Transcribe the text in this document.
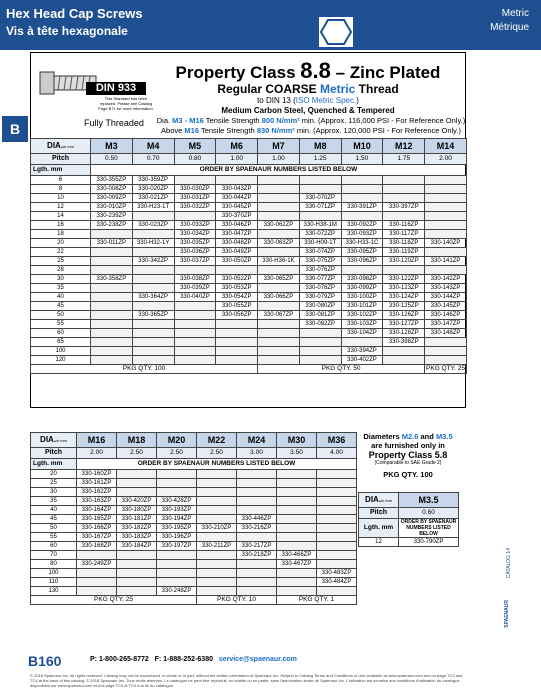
Hex Head Cap Screws
Vis à tête hexagonale
Metric
Métrique
B
DIN 933
This Standard has been replaced. Please see Catalog Page B71 for more information.
Fully Threaded
Property Class 8.8 – Zinc Plated
Regular COARSE Metric Thread
to DIN 13 (ISO Metric Spec.)
Medium Carbon Steel, Quenched & Tempered
Dia. M3 - M16 Tensile Strength 800 N/mm² min. (Approx. 116,000 PSI - For Reference Only.)
Above M16 Tensile Strength 830 N/mm² min. (Approx. 120,000 PSI - For Reference Only.)
DIA.in mm	M3	M4	M5	M6	M7	M8	M10	M12	M14
Pitch	0.50	0.70	0.80	1.00	1.00	1.25	1.50	1.75	2.00
Lgth. mm	ORDER BY SPAENAUR NUMBERS LISTED BELOW								
6	330-355ZP	330-359ZP							
8	330-008ZP	330-020ZP	330-030ZP	330-043ZP					
10	330-009ZP	330-021ZP	330-031ZP	330-044ZP		330-070ZP			
12	330-010ZP	330-H23-1T	330-032ZP	330-045ZP		330-071ZP	330-391ZP	330-397ZP	
14	330-239ZP			330-370ZP					
16	330-238ZP	330-023ZP	330-033ZP	330-046ZP	330-062ZP	330-H38-1M	330-092ZP	330-116ZP	
18			330-034ZP	330-047ZP		330-072ZP	330-093ZP	330-117ZP	
20	330-011ZP	330-H32-1Y	330-035ZP	330-048ZP	330-063ZP	330-H09-1T	330-H33-1C	330-118ZP	330-140ZP
22			330-036ZP	330-049ZP		330-074ZP	330-095ZP	330-119ZP	
25		330-342ZP	330-037ZP	330-050ZP	330-H36-1K	330-075ZP	330-096ZP	330-120ZP	330-141ZP
28						330-076ZP			
30	330-358ZP		330-038ZP	330-052ZP	330-065ZP	330-077ZP	330-098ZP	330-122ZP	330-142ZP
35			330-039ZP	330-053ZP		330-078ZP	330-099ZP	330-123ZP	330-143ZP
40		330-364ZP	330-040ZP	330-054ZP	330-066ZP	330-079ZP	330-100ZP	330-124ZP	330-144ZP
45				330-055ZP		330-080ZP	330-101ZP	330-125ZP	330-145ZP
50		330-365ZP		330-056ZP	330-067ZP	330-081ZP	330-102ZP	330-126ZP	330-146ZP
55						330-082ZP	330-103ZP	330-127ZP	330-147ZP
60							330-104ZP	330-128ZP	330-148ZP
65								330-398ZP	
100							330-394ZP		
120							330-402ZP		
PKG QTY. 100					PKG QTY. 50				PKG QTY. 25
DIA.in mm	M16	M18	M20	M22	M24	M30	M36
Pitch	2.00	2.50	2.50	2.50	3.00	3.50	4.00
Lgth. mm	ORDER BY SPAENAUR NUMBERS LISTED BELOW						
20	330-160ZP						
25	330-161ZP						
30	330-162ZP						
35	330-163ZP	330-420ZP	330-428ZP				
40	330-164ZP	330-180ZP	330-193ZP				
45	330-165ZP	330-181ZP	330-194ZP		330-446ZP		
50	330-166ZP	330-182ZP	330-195ZP	330-210ZP	330-216ZP		
55	330-167ZP	330-183ZP	330-196ZP				
60	330-168ZP	330-184ZP	330-197ZP	330-211ZP	330-217ZP		
70					330-218ZP	330-466ZP	
80	330-249ZP					330-467ZP	
100							330-483ZP
110							330-484ZP
130			330-248ZP				
PKG QTY. 25				PKG QTY. 10		PKG QTY. 1	
Diameters M2.6 and M3.5
are furnished only in
Property Class 5.8
(Comparable to SAE Grade 2)
PKG QTY. 100
DIA.in mm	M3.5
Pitch	0.60
Lgth. mm	ORDER BY SPAENAUR NUMBERS LISTED BELOW
12	330-790ZP
CATALOG 14
SPAENAUR
B160	P: 1-800-265-8772 F: 1-888-252-6380 service@spaenaur.com
© 2018 Spaenaur Inc. All rights reserved. Catalog may not be reproduced, in whole or in part, without the written permission of Spaenaur Inc. Subject to Catalog Terms and Conditions of Use available at www.spaenaur.com and on page TC3 and TC4 at the back of this catalog. © 2018 Spaenaur Inc. Tous droits réservés. Le catalogue ne peut être reproduit, en totalité ou en partie, sans l'autorisation écrite de Spaenaur Inc. L'utilisation est soumise aux conditions d'utilisation du catalogue disponibles sur www.spaenaur.com et à la page TC4 et TC4 à la fin du catalogue.
